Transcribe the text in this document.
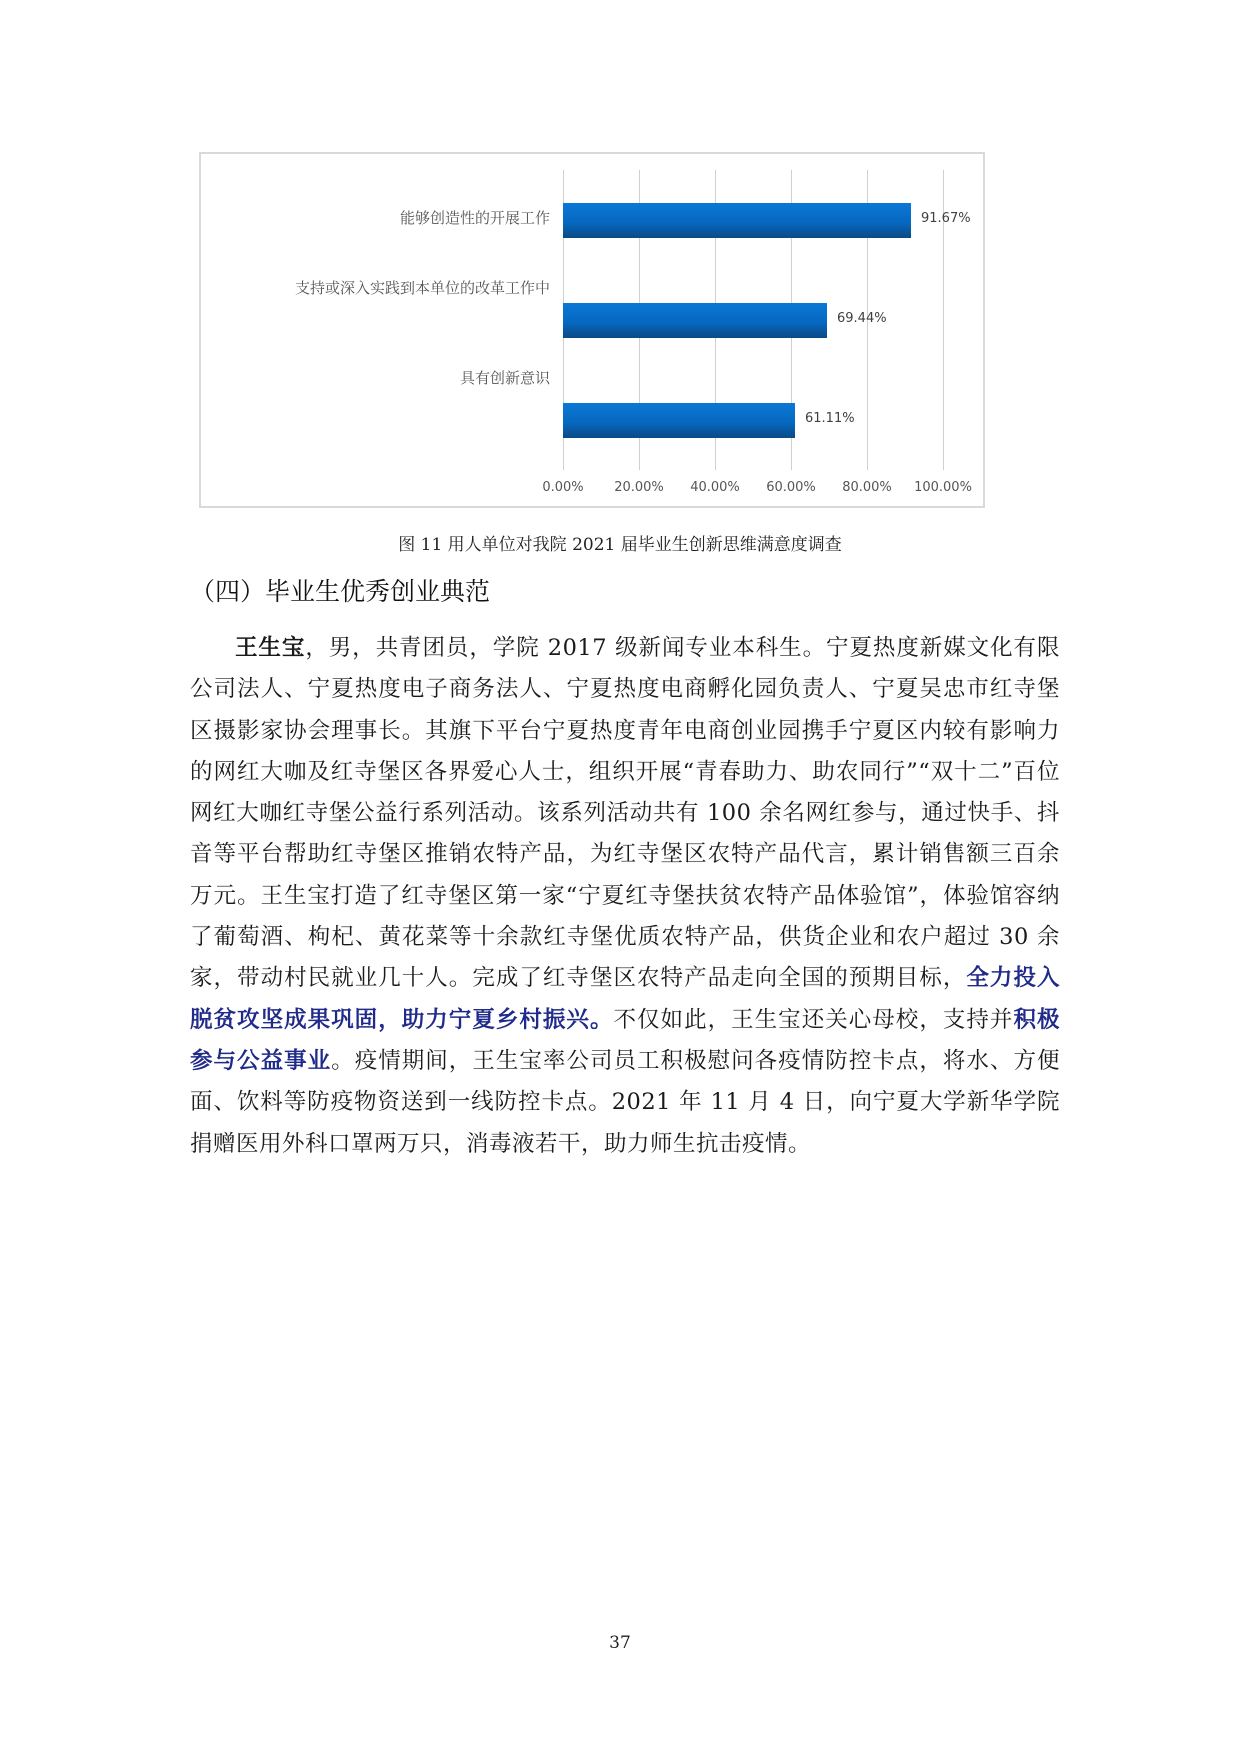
能够创造性的开展工作
支持或深入实践到本单位的改革工作中
具有创新意识
91.67%
69.44%
61.11%
0.00% 20.00% 40.00% 60.00% 80.00% 100.00%
图 11 用人单位对我院 2021 届毕业生创新思维满意度调查
（四）毕业生优秀创业典范

王生宝，男，共青团员，学院 2017 级新闻专业本科生。宁夏热度新媒文化有限公司法人、宁夏热度电子商务法人、宁夏热度电商孵化园负责人、宁夏吴忠市红寺堡区摄影家协会理事长。其旗下平台宁夏热度青年电商创业园携手宁夏区内较有影响力的网红大咖及红寺堡区各界爱心人士，组织开展“青春助力、助农同行”“双十二”百位网红大咖红寺堡公益行系列活动。该系列活动共有 100 余名网红参与，通过快手、抖音等平台帮助红寺堡区推销农特产品，为红寺堡区农特产品代言，累计销售额三百余万元。王生宝打造了红寺堡区第一家“宁夏红寺堡扶贫农特产品体验馆”，体验馆容纳了葡萄酒、枸杞、黄花菜等十余款红寺堡优质农特产品，供货企业和农户超过 30 余家，带动村民就业几十人。完成了红寺堡区农特产品走向全国的预期目标，全力投入脱贫攻坚成果巩固，助力宁夏乡村振兴。不仅如此，王生宝还关心母校，支持并积极参与公益事业。疫情期间，王生宝率公司员工积极慰问各疫情防控卡点，将水、方便面、饮料等防疫物资送到一线防控卡点。2021 年 11 月 4 日，向宁夏大学新华学院捐赠医用外科口罩两万只，消毒液若干，助力师生抗击疫情。

37
